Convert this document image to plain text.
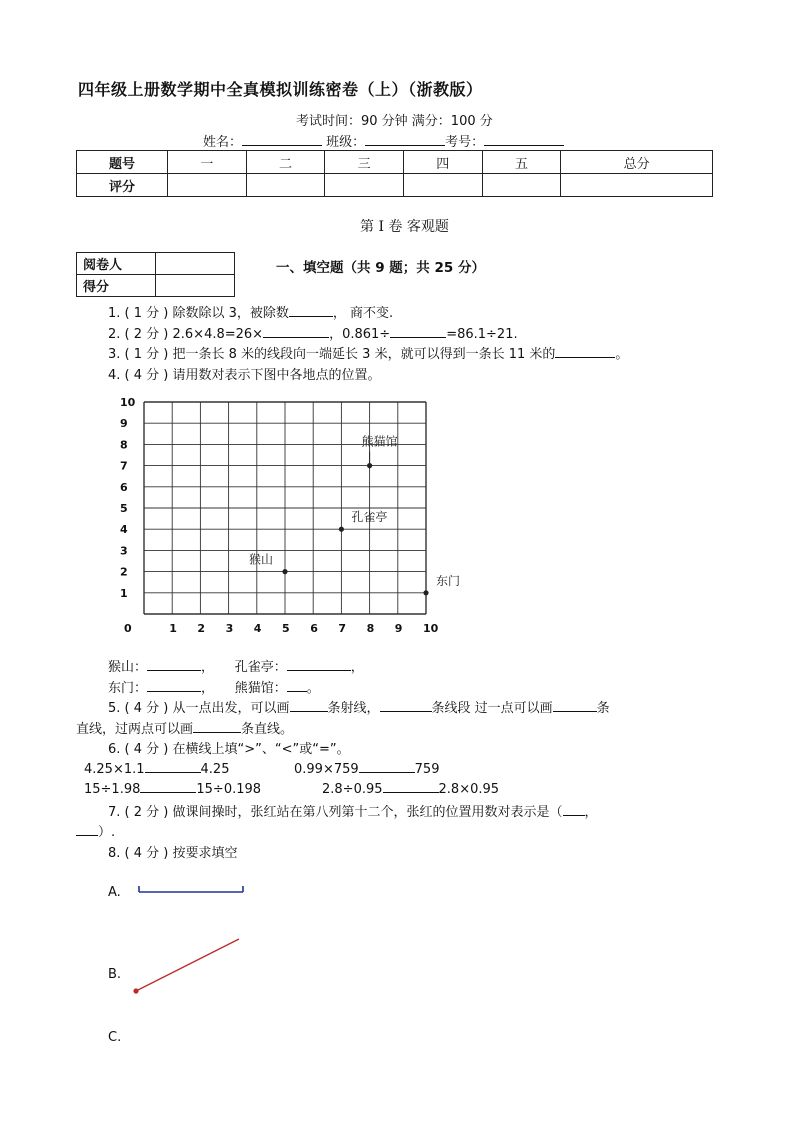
四年级上册数学期中全真模拟训练密卷（上）（浙教版）
考试时间：90 分钟 满分：100 分
姓名：	班级：	考号：
题号	一	二	三	四	五	总分
评分						
第 I 卷 客观题
阅卷人	
得分	
一、填空题（共 9 题；共 25 分）
1. ( 1 分 ) 除数除以 3，被除数	， 商不变.
2. ( 2 分 ) 2.6×4.8=26×	，0.861÷	=86.1÷21.
3. ( 1 分 ) 把一条长 8 米的线段向一端延长 3 米，就可以得到一条长 11 米的	。
4. ( 4 分 ) 请用数对表示下图中各地点的位置。
0	1 2 3 4 5 6 7 8 9 10
1
2
3
4
5
6
7
8
9
10
猴山
孔雀亭
东门
熊猫馆
猴山：	， 孔雀亭：	，
东门：	， 熊猫馆： 。
5. ( 4 分 ) 从一点出发，可以画	条射线，	条线段 过一点可以画	条
直线，过两点可以画	条直线。
6. ( 4 分 ) 在横线上填“>”、“<”或“=”。
4.25×1.1	4.25	0.99×759	759
15÷1.98	15÷0.198	2.8÷0.95	2.8×0.95
7. ( 2 分 ) 做课间操时，张红站在第八列第十二个，张红的位置用数对表示是（ ，
）.
8. ( 4 分 ) 按要求填空
A.
B.
C.
